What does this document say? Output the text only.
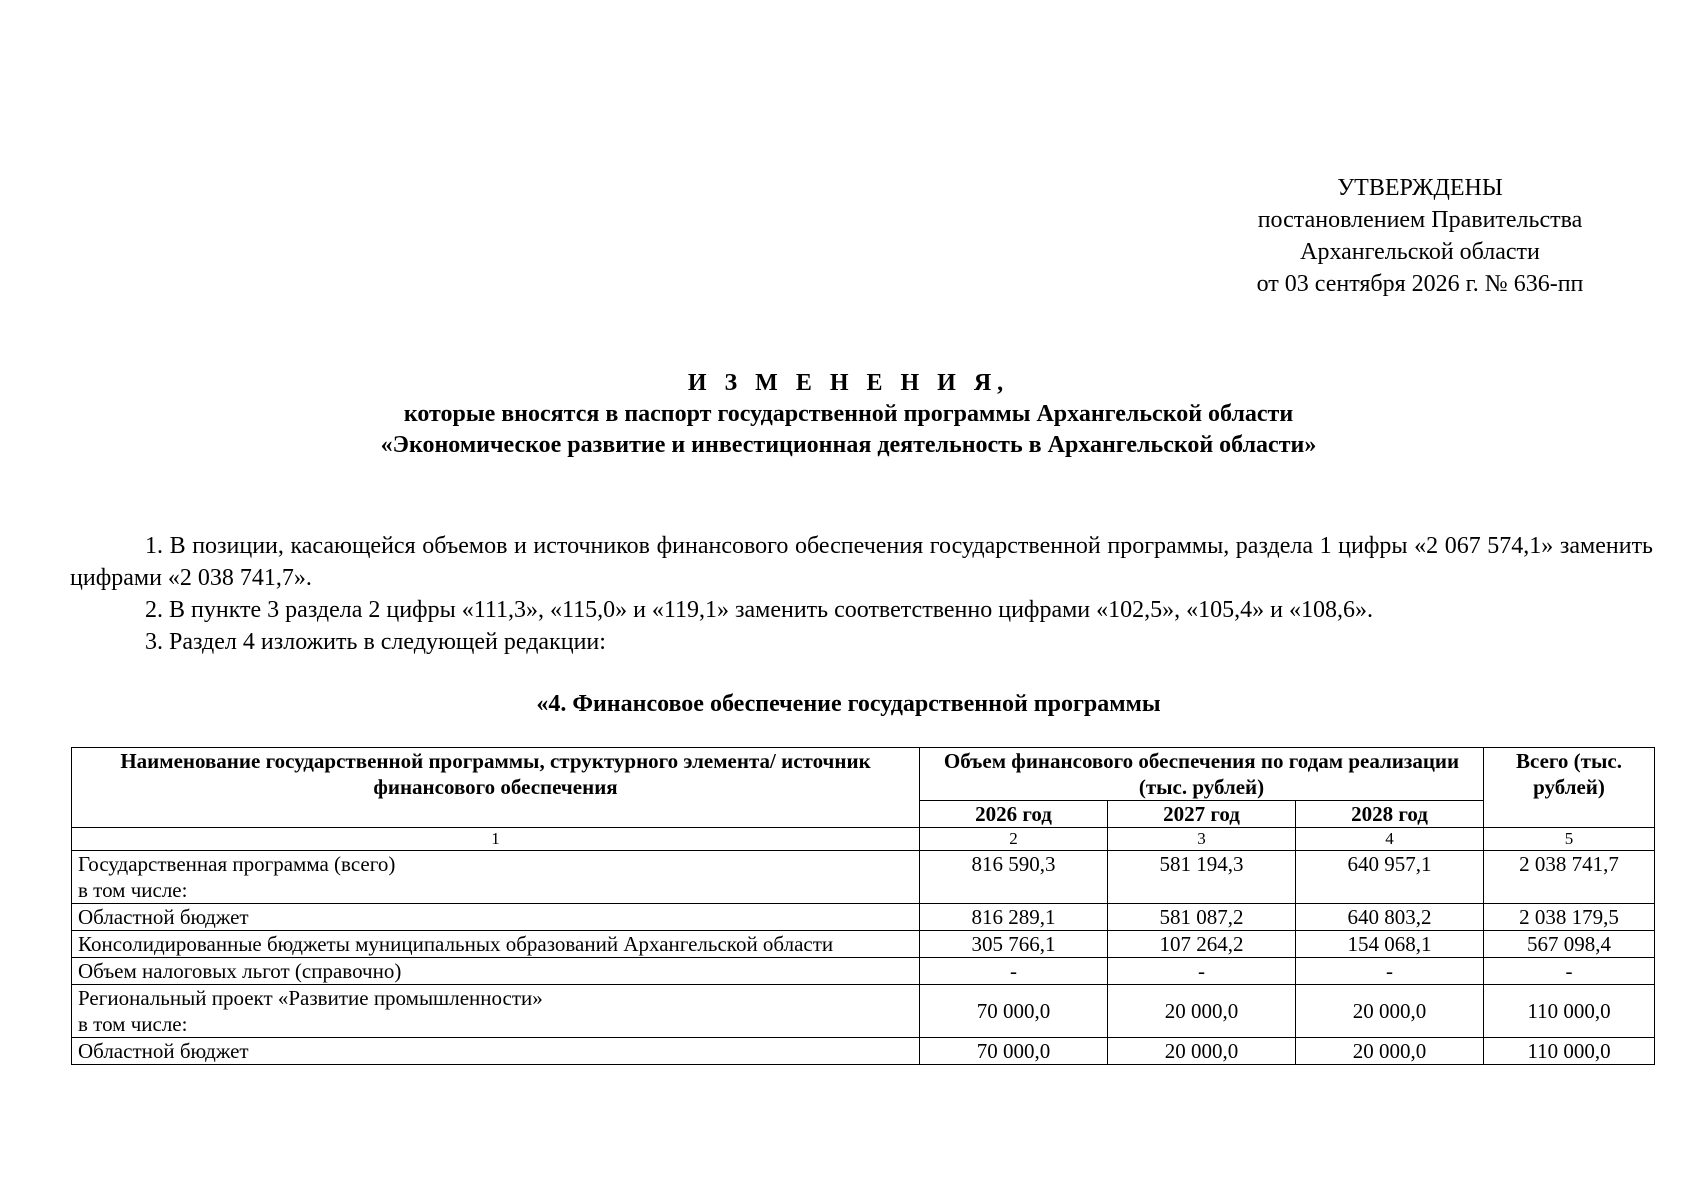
УТВЕРЖДЕНЫ
постановлением Правительства
Архангельской области
от 03 сентября 2026 г. № 636-пп
И З М Е Н Е Н И Я,
которые вносятся в паспорт государственной программы Архангельской области
«Экономическое развитие и инвестиционная деятельность в Архангельской области»

1. В позиции, касающейся объемов и источников финансового обеспечения государственной программы, раздела 1 цифры «2 067 574,1» заменить цифрами «2 038 741,7».

2. В пункте 3 раздела 2 цифры «111,3», «115,0» и «119,1» заменить соответственно цифрами «102,5», «105,4» и «108,6».

3. Раздел 4 изложить в следующей редакции:

«4. Финансовое обеспечение государственной программы
Наименование государственной программы, структурного элемента/ источник финансового обеспечения	Объем финансового обеспечения по годам реализации (тыс. рублей)			Всего (тыс. рублей)
	2026 год	2027 год	2028 год	
1	2	3	4	5

Государственная программа (всего)
в том числе:	816 590,3	581 194,3	640 957,1	2 038 741,7
Областной бюджет	816 289,1	581 087,2	640 803,2	2 038 179,5
Консолидированные бюджеты муниципальных образований Архангельской области	305 766,1	107 264,2	154 068,1	567 098,4
Объем налоговых льгот (справочно)	-	-	-	-

Региональный проект «Развитие промышленности»
в том числе:	70 000,0	20 000,0	20 000,0	110 000,0
Областной бюджет	70 000,0	20 000,0	20 000,0	110 000,0
